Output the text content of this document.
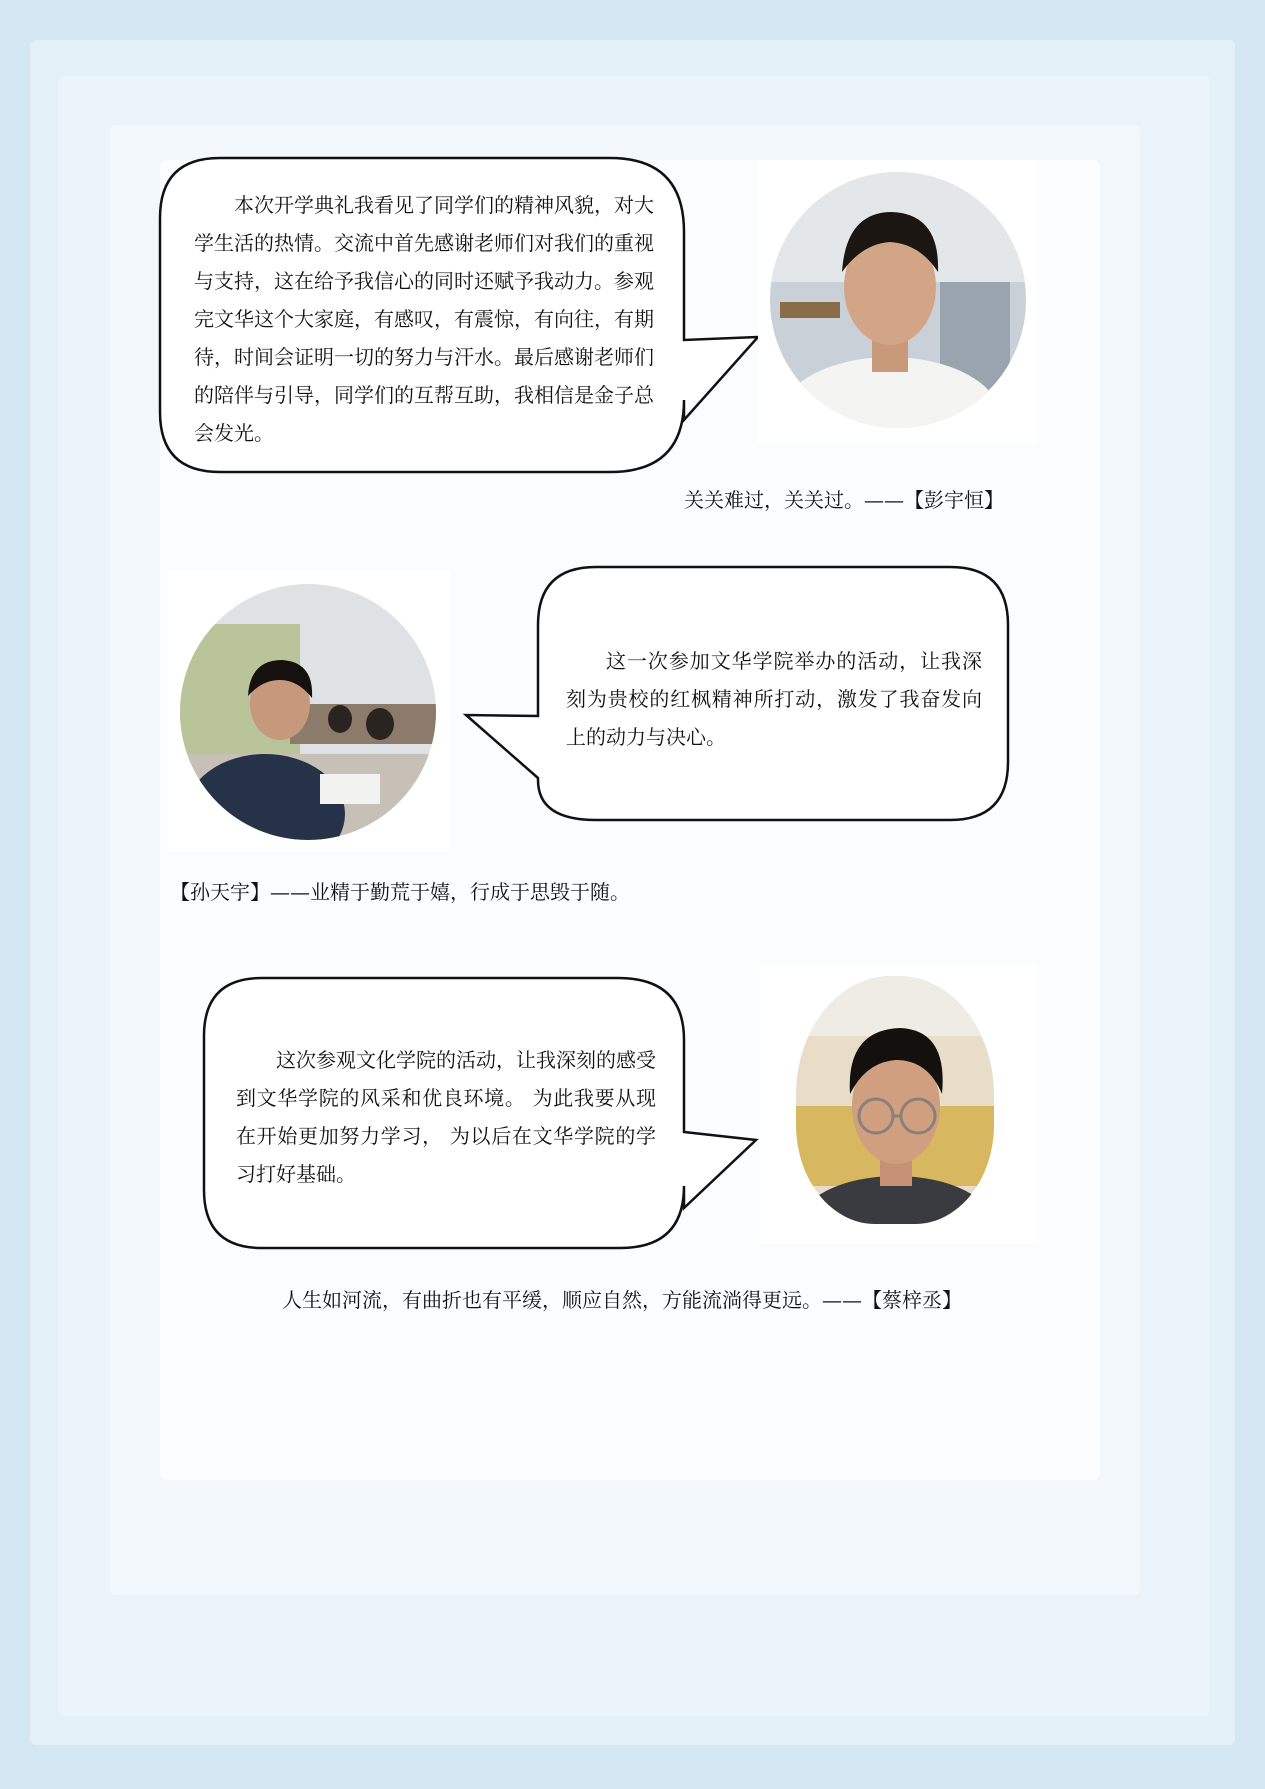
本次开学典礼我看见了同学们的精神风貌，对大学生活的热情。交流中首先感谢老师们对我们的重视与支持，这在给予我信心的同时还赋予我动力。参观完文华这个大家庭，有感叹，有震惊，有向往，有期待，时间会证明一切的努力与汗水。最后感谢老师们的陪伴与引导，同学们的互帮互助，我相信是金子总会发光。

关关难过，关关过。——【彭宇恒】

这一次参加文华学院举办的活动，让我深刻为贵校的红枫精神所打动，激发了我奋发向上的动力与决心。

【孙天宇】——业精于勤荒于嬉，行成于思毁于随。

这次参观文化学院的活动，让我深刻的感受到文华学院的风采和优良环境。 为此我要从现在开始更加努力学习， 为以后在文华学院的学习打好基础。

人生如河流，有曲折也有平缓，顺应自然，方能流淌得更远。——【蔡梓丞】
